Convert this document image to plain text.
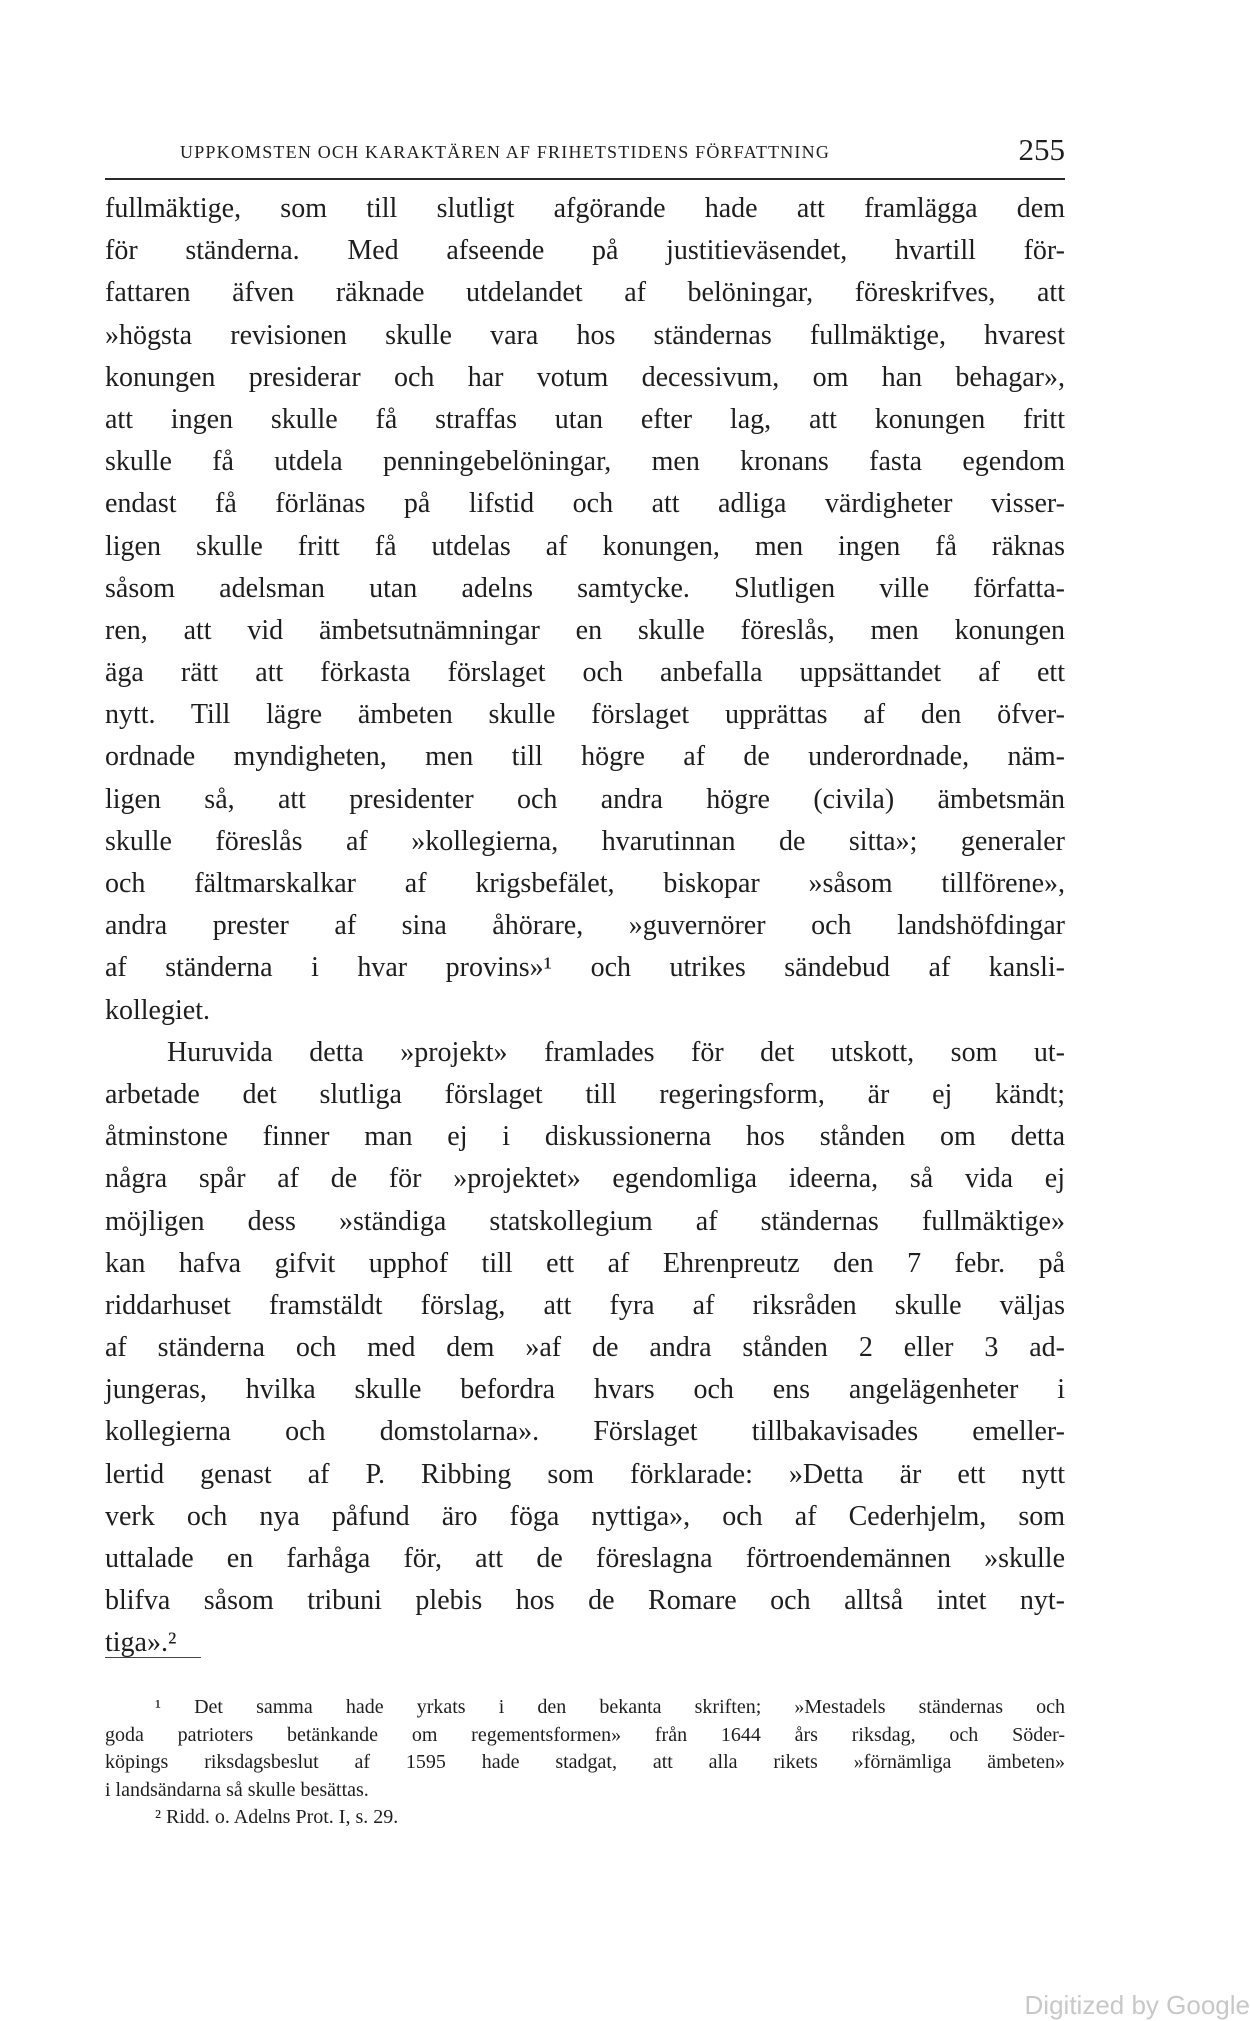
UPPKOMSTEN OCH KARAKTÄREN AF FRIHETSTIDENS FÖRFATTNING	255
fullmäktige, som till slutligt afgörande hade att framlägga dem
för ständerna. Med afseende på justitieväsendet, hvartill för-
fattaren äfven räknade utdelandet af belöningar, föreskrifves, att
»högsta revisionen skulle vara hos ständernas fullmäktige, hvarest
konungen presiderar och har votum decessivum, om han behagar»,
att ingen skulle få straffas utan efter lag, att konungen fritt
skulle få utdela penningebelöningar, men kronans fasta egendom
endast få förlänas på lifstid och att adliga värdigheter visser-
ligen skulle fritt få utdelas af konungen, men ingen få räknas
såsom adelsman utan adelns samtycke. Slutligen ville författa-
ren, att vid ämbetsutnämningar en skulle föreslås, men konungen
äga rätt att förkasta förslaget och anbefalla uppsättandet af ett
nytt. Till lägre ämbeten skulle förslaget upprättas af den öfver-
ordnade myndigheten, men till högre af de underordnade, näm-
ligen så, att presidenter och andra högre (civila) ämbetsmän
skulle föreslås af »kollegierna, hvarutinnan de sitta»; generaler
och fältmarskalkar af krigsbefälet, biskopar »såsom tillförene»,
andra prester af sina åhörare, »guvernörer och landshöfdingar
af ständerna i hvar provins»¹ och utrikes sändebud af kansli-
kollegiet.
Huruvida detta »projekt» framlades för det utskott, som ut-
arbetade det slutliga förslaget till regeringsform, är ej kändt;
åtminstone finner man ej i diskussionerna hos stånden om detta
några spår af de för »projektet» egendomliga ideerna, så vida ej
möjligen dess »ständiga statskollegium af ständernas fullmäktige»
kan hafva gifvit upphof till ett af Ehrenpreutz den 7 febr. på
riddarhuset framstäldt förslag, att fyra af riksråden skulle väljas
af ständerna och med dem »af de andra stånden 2 eller 3 ad-
jungeras, hvilka skulle befordra hvars och ens angelägenheter i
kollegierna och domstolarna». Förslaget tillbakavisades emeller-
lertid genast af P. Ribbing som förklarade: »Detta är ett nytt
verk och nya påfund äro föga nyttiga», och af Cederhjelm, som
uttalade en farhåga för, att de föreslagna förtroendemännen »skulle
blifva såsom tribuni plebis hos de Romare och alltså intet nyt-
tiga».²
¹ Det samma hade yrkats i den bekanta skriften; »Mestadels ständernas och
goda patrioters betänkande om regementsformen» från 1644 års riksdag, och Söder-
köpings riksdagsbeslut af 1595 hade stadgat, att alla rikets »förnämliga ämbeten»
i landsändarna så skulle besättas.
² Ridd. o. Adelns Prot. I, s. 29.
Digitized by Google
